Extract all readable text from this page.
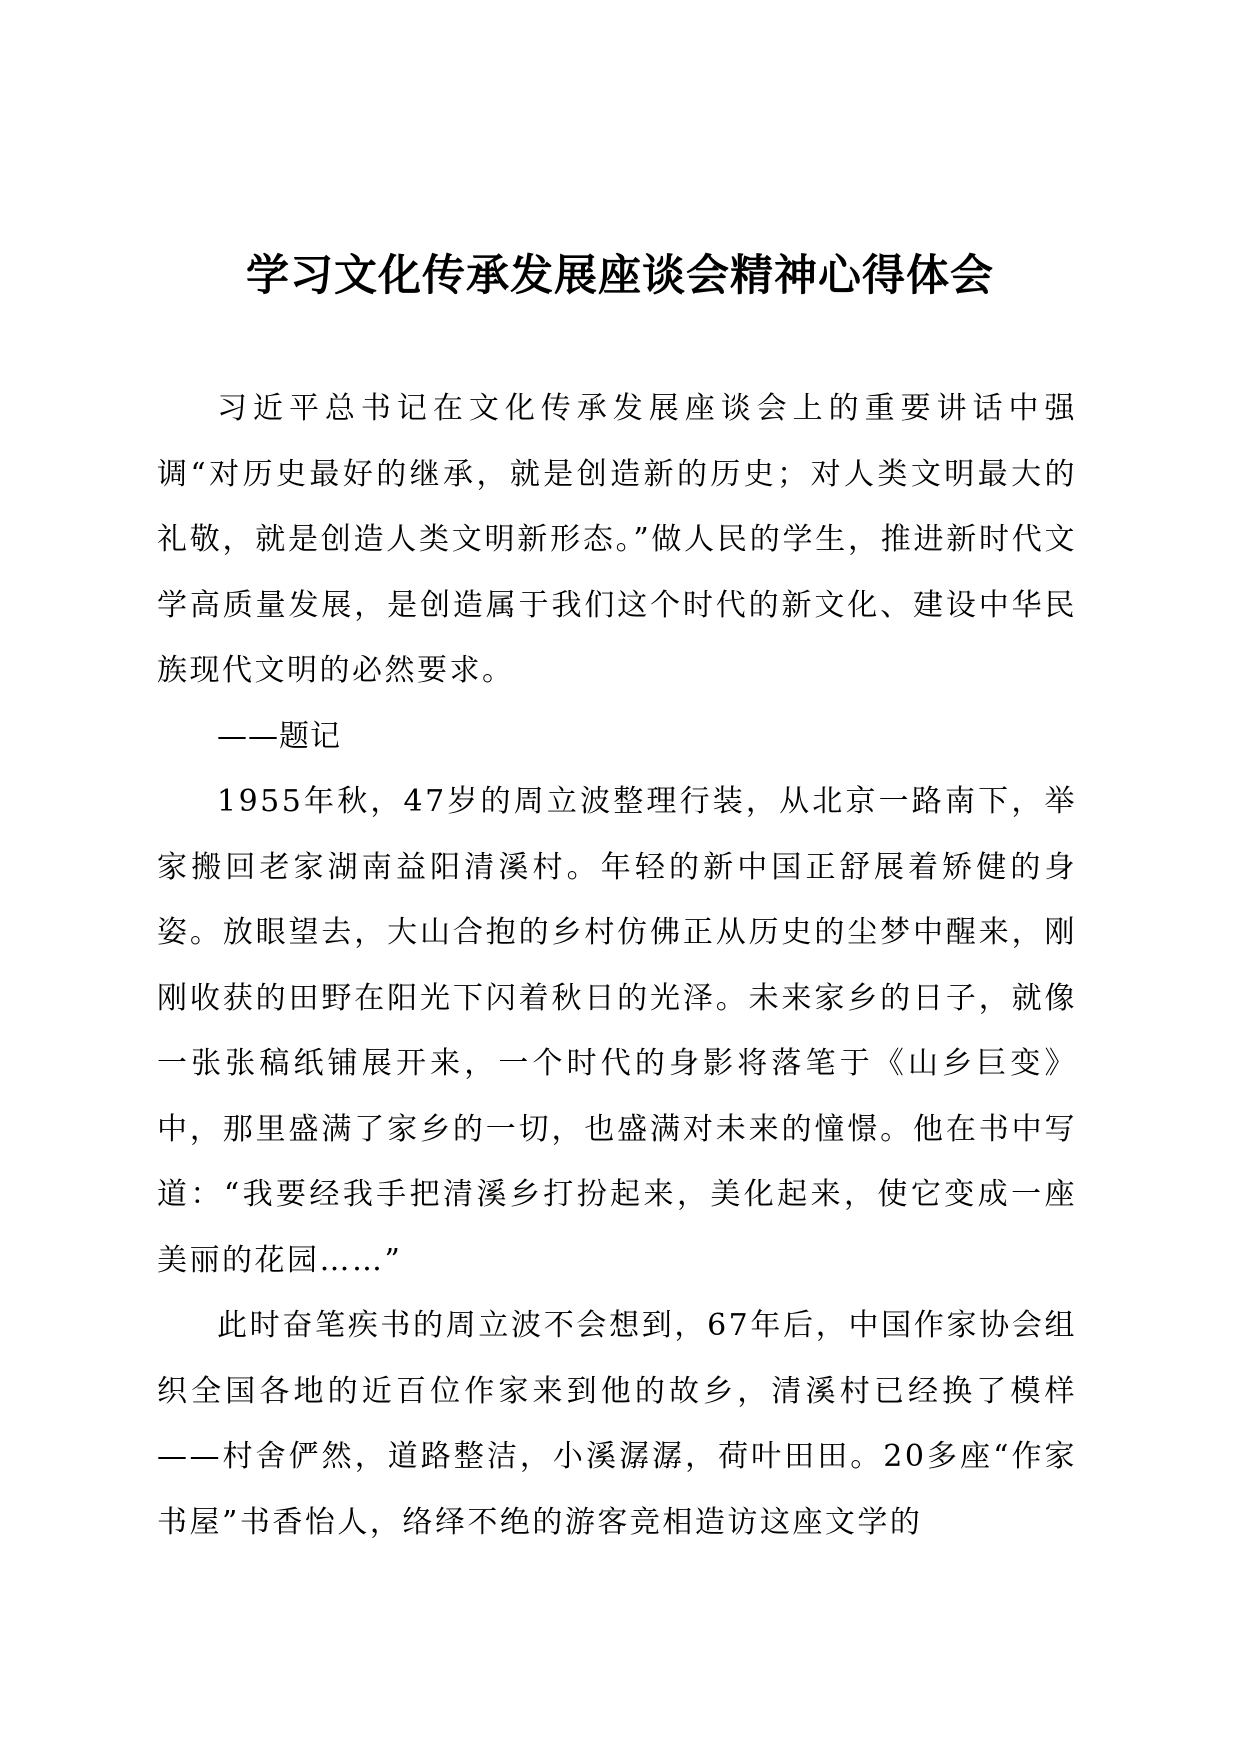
学习文化传承发展座谈会精神心得体会

习近平总书记在文化传承发展座谈会上的重要讲话中强调“对历史最好的继承，就是创造新的历史；对人类文明最大的礼敬，就是创造人类文明新形态。”做人民的学生，推进新时代文学高质量发展，是创造属于我们这个时代的新文化、建设中华民族现代文明的必然要求。

——题记

1955年秋，47岁的周立波整理行装，从北京一路南下，举家搬回老家湖南益阳清溪村。年轻的新中国正舒展着矫健的身姿。放眼望去，大山合抱的乡村仿佛正从历史的尘梦中醒来，刚刚收获的田野在阳光下闪着秋日的光泽。未来家乡的日子，就像一张张稿纸铺展开来，一个时代的身影将落笔于《山乡巨变》中，那里盛满了家乡的一切，也盛满对未来的憧憬。他在书中写道：“我要经我手把清溪乡打扮起来，美化起来，使它变成一座美丽的花园……”

此时奋笔疾书的周立波不会想到，67年后，中国作家协会组织全国各地的近百位作家来到他的故乡，清溪村已经换了模样——村舍俨然，道路整洁，小溪潺潺，荷叶田田。20多座“作家书屋”书香怡人，络绎不绝的游客竞相造访这座文学的
